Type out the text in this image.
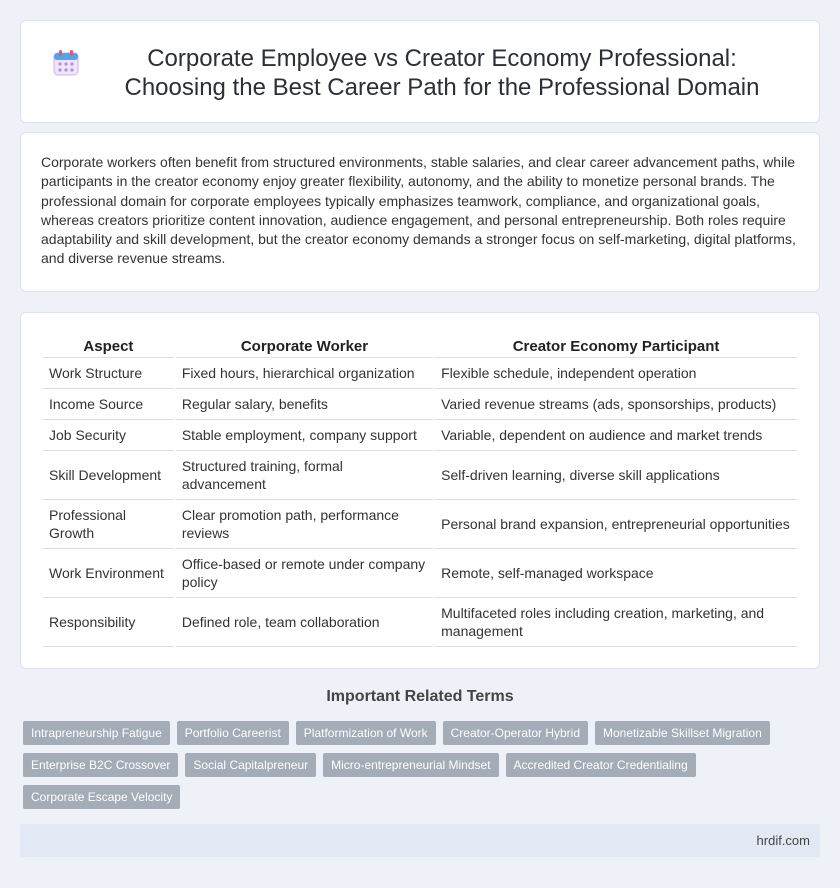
Corporate Employee vs Creator Economy Professional: Choosing the Best Career Path for the Professional Domain

Corporate workers often benefit from structured environments, stable salaries, and clear career advancement paths, while participants in the creator economy enjoy greater flexibility, autonomy, and the ability to monetize personal brands. The professional domain for corporate employees typically emphasizes teamwork, compliance, and organizational goals, whereas creators prioritize content innovation, audience engagement, and personal entrepreneurship. Both roles require adaptability and skill development, but the creator economy demands a stronger focus on self-marketing, digital platforms, and diverse revenue streams.

Aspect	Corporate Worker	Creator Economy Participant
Work Structure	Fixed hours, hierarchical organization	Flexible schedule, independent operation
Income Source	Regular salary, benefits	Varied revenue streams (ads, sponsorships, products)
Job Security	Stable employment, company support	Variable, dependent on audience and market trends
Skill Development	Structured training, formal advancement	Self-driven learning, diverse skill applications
Professional Growth	Clear promotion path, performance reviews	Personal brand expansion, entrepreneurial opportunities
Work Environment	Office-based or remote under company policy	Remote, self-managed workspace
Responsibility	Defined role, team collaboration	Multifaceted roles including creation, marketing, and management
Important Related Terms
Intrapreneurship Fatigue	Portfolio Careerist	Platformization of Work	Creator-Operator Hybrid	Monetizable Skillset Migration
Enterprise B2C Crossover	Social Capitalpreneur	Micro-entrepreneurial Mindset	Accredited Creator Credentialing
Corporate Escape Velocity
hrdif.com
